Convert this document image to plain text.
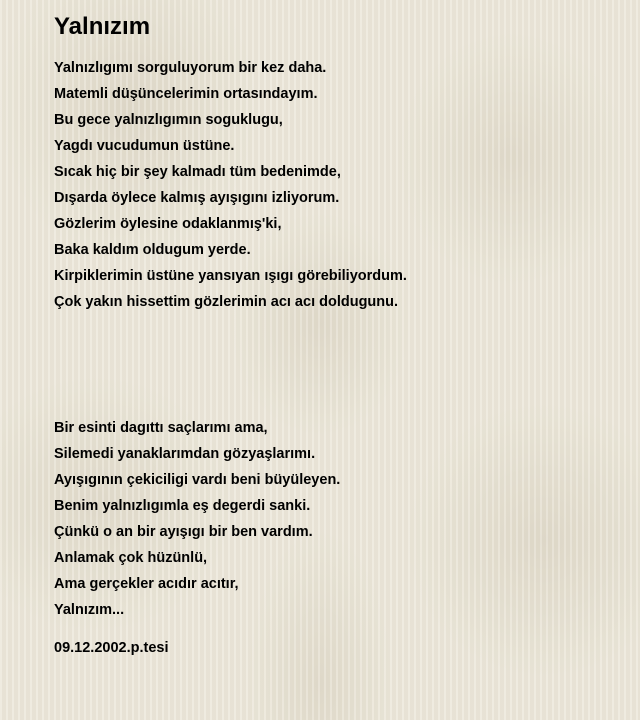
Yalnızım
Yalnızlıgımı sorguluyorum bir kez daha.
Matemli düşüncelerimin ortasındayım.
Bu gece yalnızlıgımın soguklugu,
Yagdı vucudumun üstüne.
Sıcak hiç bir şey kalmadı tüm bedenimde,
Dışarda öylece kalmış ayışıgını izliyorum.
Gözlerim öylesine odaklanmış'ki,
Baka kaldım oldugum yerde.
Kirpiklerimin üstüne yansıyan ışıgı görebiliyordum.
Çok yakın hissettim gözlerimin acı acı doldugunu.
Bir esinti dagıttı saçlarımı ama,
Silemedi yanaklarımdan gözyaşlarımı.
Ayışıgının çekiciligi vardı beni büyüleyen.
Benim yalnızlıgımla eş degerdi sanki.
Çünkü o an bir ayışıgı bir ben vardım.
Anlamak çok hüzünlü,
Ama gerçekler acıdır acıtır,
Yalnızım...
09.12.2002.p.tesi
